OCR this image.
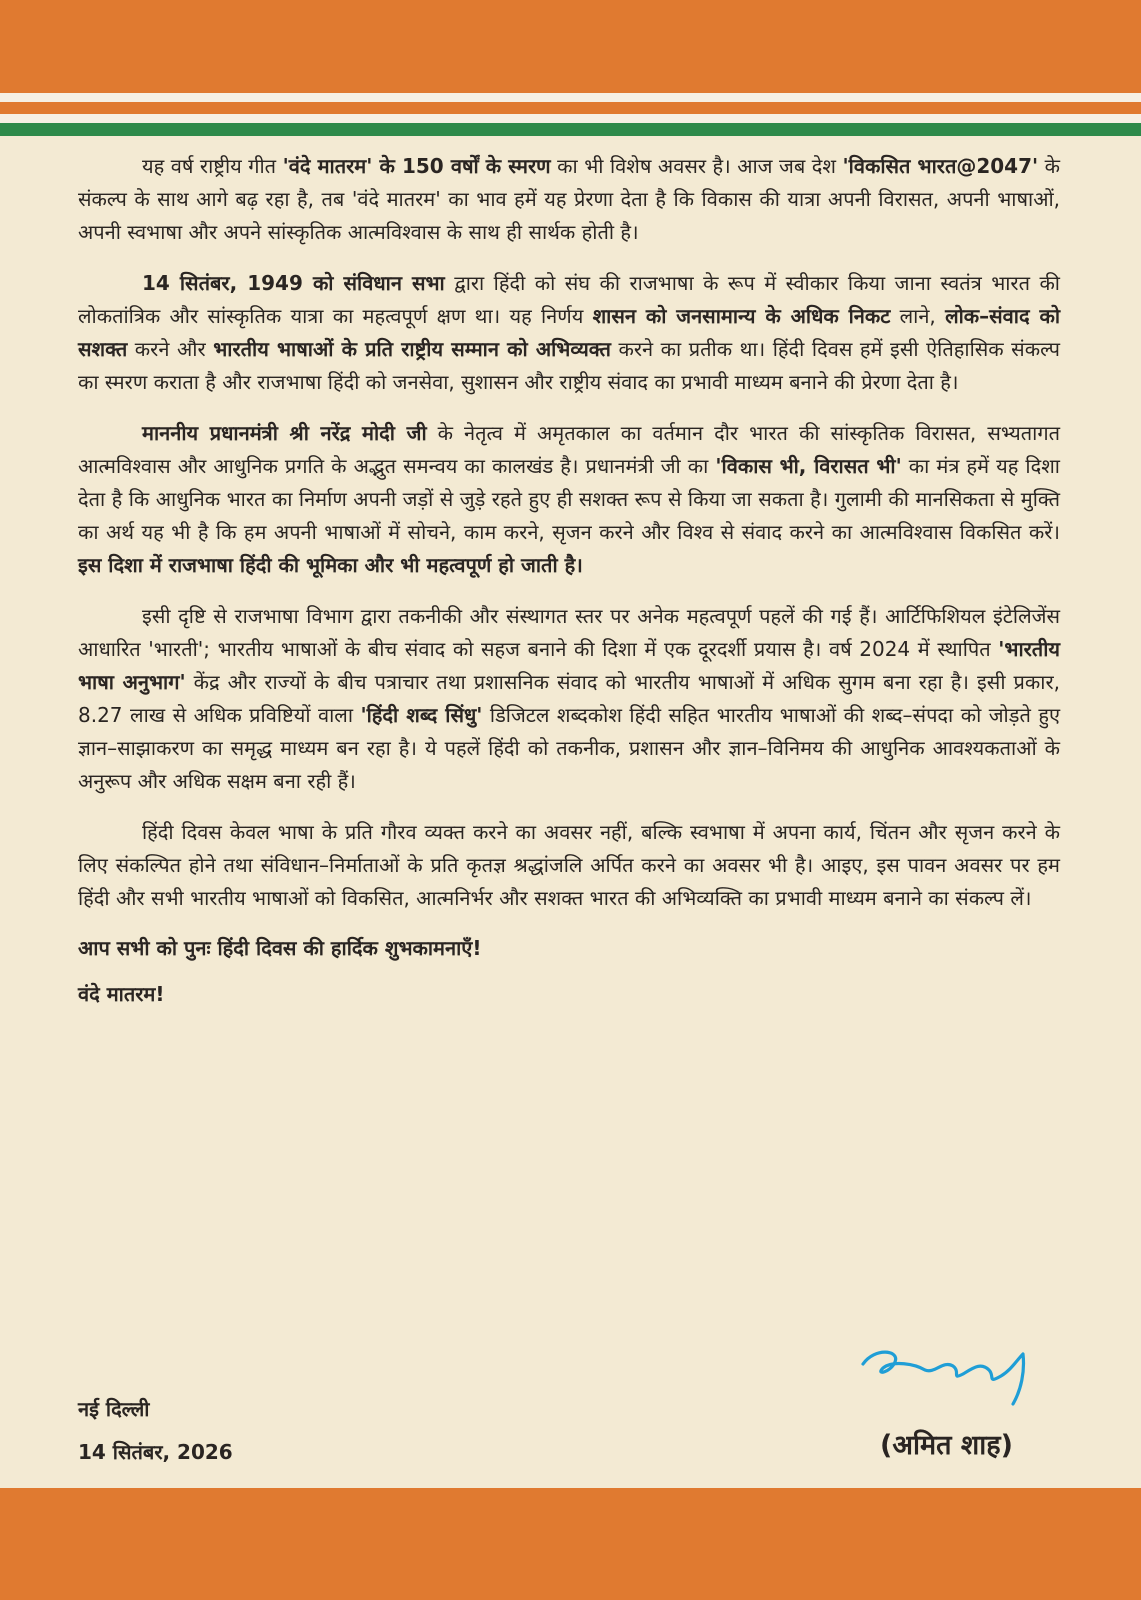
यह वर्ष राष्ट्रीय गीत 'वंदे मातरम' के 150 वर्षों के स्मरण का भी विशेष अवसर है। आज जब देश 'विकसित भारत@2047' के संकल्प के साथ आगे बढ़ रहा है, तब 'वंदे मातरम' का भाव हमें यह प्रेरणा देता है कि विकास की यात्रा अपनी विरासत, अपनी भाषाओं, अपनी स्वभाषा और अपने सांस्कृतिक आत्मविश्वास के साथ ही सार्थक होती है।

14 सितंबर, 1949 को संविधान सभा द्वारा हिंदी को संघ की राजभाषा के रूप में स्वीकार किया जाना स्वतंत्र भारत की लोकतांत्रिक और सांस्कृतिक यात्रा का महत्वपूर्ण क्षण था। यह निर्णय शासन को जनसामान्य के अधिक निकट लाने, लोक–संवाद को सशक्त करने और भारतीय भाषाओं के प्रति राष्ट्रीय सम्मान को अभिव्यक्त करने का प्रतीक था। हिंदी दिवस हमें इसी ऐतिहासिक संकल्प का स्मरण कराता है और राजभाषा हिंदी को जनसेवा, सुशासन और राष्ट्रीय संवाद का प्रभावी माध्यम बनाने की प्रेरणा देता है।

माननीय प्रधानमंत्री श्री नरेंद्र मोदी जी के नेतृत्व में अमृतकाल का वर्तमान दौर भारत की सांस्कृतिक विरासत, सभ्यतागत आत्मविश्वास और आधुनिक प्रगति के अद्भुत समन्वय का कालखंड है। प्रधानमंत्री जी का 'विकास भी, विरासत भी' का मंत्र हमें यह दिशा देता है कि आधुनिक भारत का निर्माण अपनी जड़ों से जुड़े रहते हुए ही सशक्त रूप से किया जा सकता है। गुलामी की मानसिकता से मुक्ति का अर्थ यह भी है कि हम अपनी भाषाओं में सोचने, काम करने, सृजन करने और विश्व से संवाद करने का आत्मविश्वास विकसित करें। इस दिशा में राजभाषा हिंदी की भूमिका और भी महत्वपूर्ण हो जाती है।

इसी दृष्टि से राजभाषा विभाग द्वारा तकनीकी और संस्थागत स्तर पर अनेक महत्वपूर्ण पहलें की गई हैं। आर्टिफिशियल इंटेलिजेंस आधारित 'भारती'; भारतीय भाषाओं के बीच संवाद को सहज बनाने की दिशा में एक दूरदर्शी प्रयास है। वर्ष 2024 में स्थापित 'भारतीय भाषा अनुभाग' केंद्र और राज्यों के बीच पत्राचार तथा प्रशासनिक संवाद को भारतीय भाषाओं में अधिक सुगम बना रहा है। इसी प्रकार, 8.27 लाख से अधिक प्रविष्टियों वाला 'हिंदी शब्द सिंधु' डिजिटल शब्दकोश हिंदी सहित भारतीय भाषाओं की शब्द–संपदा को जोड़ते हुए ज्ञान–साझाकरण का समृद्ध माध्यम बन रहा है। ये पहलें हिंदी को तकनीक, प्रशासन और ज्ञान–विनिमय की आधुनिक आवश्यकताओं के अनुरूप और अधिक सक्षम बना रही हैं।

हिंदी दिवस केवल भाषा के प्रति गौरव व्यक्त करने का अवसर नहीं, बल्कि स्वभाषा में अपना कार्य, चिंतन और सृजन करने के लिए संकल्पित होने तथा संविधान–निर्माताओं के प्रति कृतज्ञ श्रद्धांजलि अर्पित करने का अवसर भी है। आइए, इस पावन अवसर पर हम हिंदी और सभी भारतीय भाषाओं को विकसित, आत्मनिर्भर और सशक्त भारत की अभिव्यक्ति का प्रभावी माध्यम बनाने का संकल्प लें।

आप सभी को पुनः हिंदी दिवस की हार्दिक शुभकामनाएँ!

वंदे मातरम!

नई दिल्ली
14 सितंबर, 2026	(अमित शाह)
